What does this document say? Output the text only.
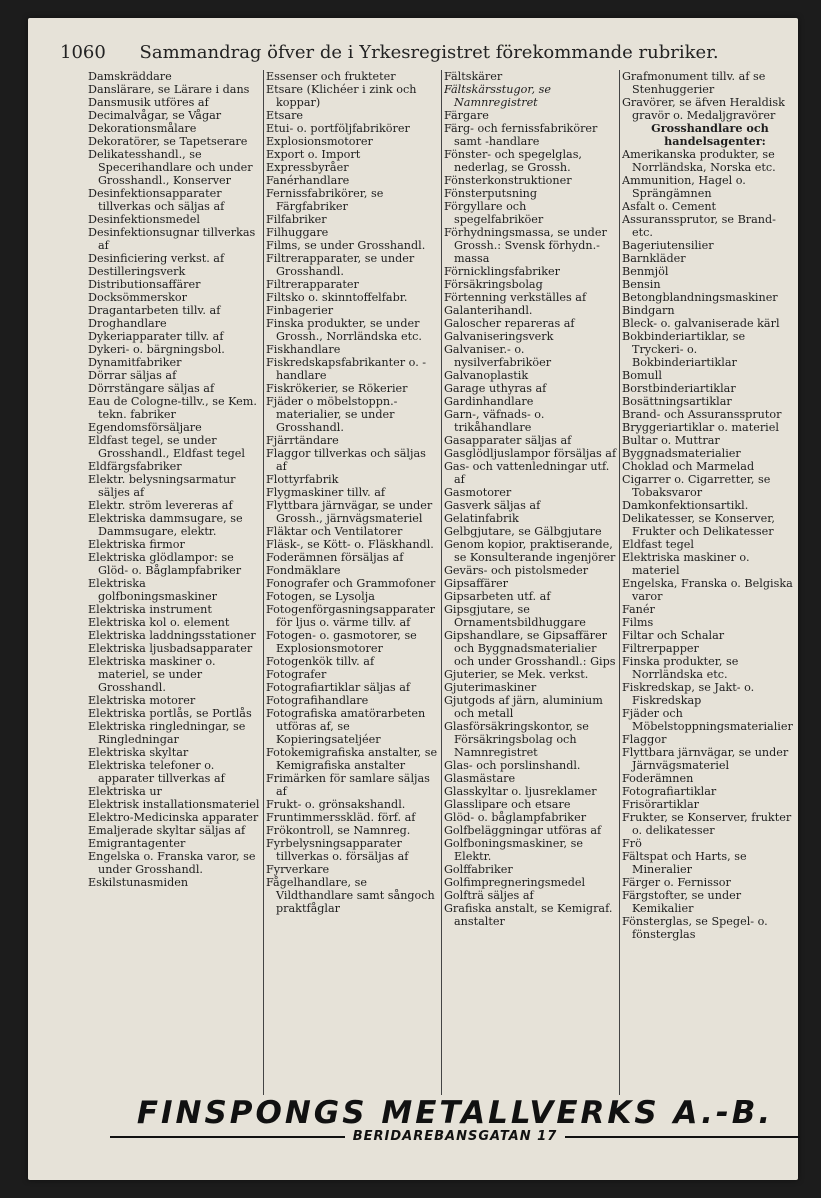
1060 Sammandrag öfver de i Yrkesregistret förekommande rubriker.
Damskräddare
Danslärare, se Lärare i dans
Dansmusik utföres af
Decimalvågar, se Vågar
Dekorationsmålare
Dekoratörer, se Tapetserare
Delikatesshandl., se Specerihandlare och under Grosshandl., Konserver
Desinfektionsapparater tillverkas och säljas af
Desinfektionsmedel
Desinfektionsugnar tillverkas af
Desinficiering verkst. af
Destilleringsverk
Distributionsaffärer
Docksömmerskor
Dragantarbeten tillv. af
Droghandlare
Dykeriapparater tillv. af
Dykeri- o. bärgningsbol.
Dynamitfabriker
Dörrar säljas af
Dörrstängare säljas af
Eau de Cologne-tillv., se Kem. tekn. fabriker
Egendomsförsäljare
Eldfast tegel, se under Grosshandl., Eldfast tegel
Eldfärgsfabriker
Elektr. belysningsarmatur säljes af
Elektr. ström levereras af
Elektriska dammsugare, se Dammsugare, elektr.
Elektriska firmor
Elektriska glödlampor: se Glöd- o. Båglampfabriker
Elektriska golfboningsmaskiner
Elektriska instrument
Elektriska kol o. element
Elektriska laddningsstationer
Elektriska ljusbadsapparater
Elektriska maskiner o. materiel, se under Grosshandl.
Elektriska motorer
Elektriska portlås, se Portlås
Elektriska ringledningar, se Ringledningar
Elektriska skyltar
Elektriska telefoner o. apparater tillverkas af
Elektriska ur
Elektrisk installationsmateriel
Elektro-Medicinska apparater
Emaljerade skyltar säljas af
Emigrantagenter
Engelska o. Franska varor, se under Grosshandl.
Eskilstunasmiden
Essenser och frukteter
Etsare (Klichéer i zink och koppar)
Etsare
Etui- o. portföljfabrikörer
Explosionsmotorer
Export o. Import
Expressbyråer
Fanérhandlare
Fernissfabrikörer, se Färgfabriker
Filfabriker
Filhuggare
Films, se under Grosshandl.
Filtrerapparater, se under Grosshandl.
Filtrerapparater
Filtsko o. skinntoffelfabr.
Finbagerier
Finska produkter, se under Grossh., Norrländska etc.
Fiskhandlare
Fiskredskapsfabrikanter o. -handlare
Fiskrökerier, se Rökerier
Fjäder o möbelstoppn.-materialier, se under Grosshandl.
Fjärrtändare
Flaggor tillverkas och säljas af
Flottyrfabrik
Flygmaskiner tillv. af
Flyttbara järnvägar, se under Grossh., järnvägsmateriel
Fläktar och Ventilatorer
Fläsk-, se Kött- o. Fläskhandl.
Foderämnen försäljas af
Fondmäklare
Fonografer och Grammofoner
Fotogen, se Lysolja
Fotogenförgasningsapparater för ljus o. värme tillv. af
Fotogen- o. gasmotorer, se Explosionsmotorer
Fotogenkök tillv. af
Fotografer
Fotografiartiklar säljas af
Fotografihandlare
Fotografiska amatörarbeten utföras af, se Kopieringsateljéer
Fotokemigrafiska anstalter, se Kemigrafiska anstalter
Frimärken för samlare säljas af
Frukt- o. grönsakshandl.
Fruntimmersskläd. förf. af
Frökontroll, se Namnreg.
Fyrbelysningsapparater tillverkas o. försäljas af
Fyrverkare
Fågelhandlare, se Vildthandlare samt sångoch praktfåglar
Fältskärer
Fältskärsstugor, se Namnregistret
Färgare
Färg- och fernissfabrikörer samt -handlare
Fönster- och spegelglas, nederlag, se Grossh.
Fönsterkonstruktioner
Fönsterputsning
Förgyllare och spegelfabriköer
Förhydningsmassa, se under Grossh.: Svensk förhydn.-massa
Förnicklingsfabriker
Försäkringsbolag
Förtenning verkställes af
Galanterihandl.
Galoscher repareras af
Galvaniseringsverk
Galvaniser.- o. nysilverfabriköer
Galvanoplastik
Garage uthyras af
Gardinhandlare
Garn-, väfnads- o. trikåhandlare
Gasapparater säljas af
Gasglödljuslampor försäljas af
Gas- och vattenledningar utf. af
Gasmotorer
Gasverk säljas af
Gelatinfabrik
Gelbgjutare, se Gälbgjutare
Genom kopior, praktiserande, se Konsulterande ingenjörer
Gevärs- och pistolsmeder
Gipsaffärer
Gipsarbeten utf. af
Gipsgjutare, se Ornamentsbildhuggare
Gipshandlare, se Gipsaffärer och Byggnadsmaterialier och under Grosshandl.: Gips
Gjuterier, se Mek. verkst.
Gjuterimaskiner
Gjutgods af järn, aluminium och metall
Glasförsäkringskontor, se Försäkringsbolag och Namnregistret
Glas- och porslinshandl.
Glasmästare
Glasskyltar o. ljusreklamer
Glasslipare och etsare
Glöd- o. båglampfabriker
Golfbeläggningar utföras af
Golfboningsmaskiner, se Elektr.
Golffabriker
Golfimpregneringsmedel
Golfträ säljes af
Grafiska anstalt, se Kemigraf. anstalter
Grafmonument tillv. af se Stenhuggerier
Gravörer, se äfven Heraldisk gravör o. Medaljgravörer
Grosshandlare och handelsagenter:
Amerikanska produkter, se Norrländska, Norska etc.
Ammunition, Hagel o. Sprängämnen
Asfalt o. Cement
Assuranssprutor, se Brand- etc.
Bageriutensilier
Barnkläder
Benmjöl
Bensin
Betongblandningsmaskiner
Bindgarn
Bleck- o. galvaniserade kärl
Bokbinderiartiklar, se Tryckeri- o. Bokbinderiartiklar
Bomull
Borstbinderiartiklar
Bosättningsartiklar
Brand- och Assuranssprutor
Bryggeriartiklar o. materiel
Bultar o. Muttrar
Byggnadsmaterialier
Choklad och Marmelad
Cigarrer o. Cigarretter, se Tobaksvaror
Damkonfektionsartikl.
Delikatesser, se Konserver, Frukter och Delikatesser
Eldfast tegel
Elektriska maskiner o. materiel
Engelska, Franska o. Belgiska varor
Fanér
Films
Filtar och Schalar
Filtrerpapper
Finska produkter, se Norrländska etc.
Fiskredskap, se Jakt- o. Fiskredskap
Fjäder och Möbelstoppningsmaterialier
Flaggor
Flyttbara järnvägar, se under Järnvägsmateriel
Foderämnen
Fotografiartiklar
Frisörartiklar
Frukter, se Konserver, frukter o. delikatesser
Frö
Fältspat och Harts, se Mineralier
Färger o. Fernissor
Färgstofter, se under Kemikalier
Fönsterglas, se Spegel- o. fönsterglas
FINSPONGS METALLVERKS A.-B.
BERIDAREBANSGATAN 17
